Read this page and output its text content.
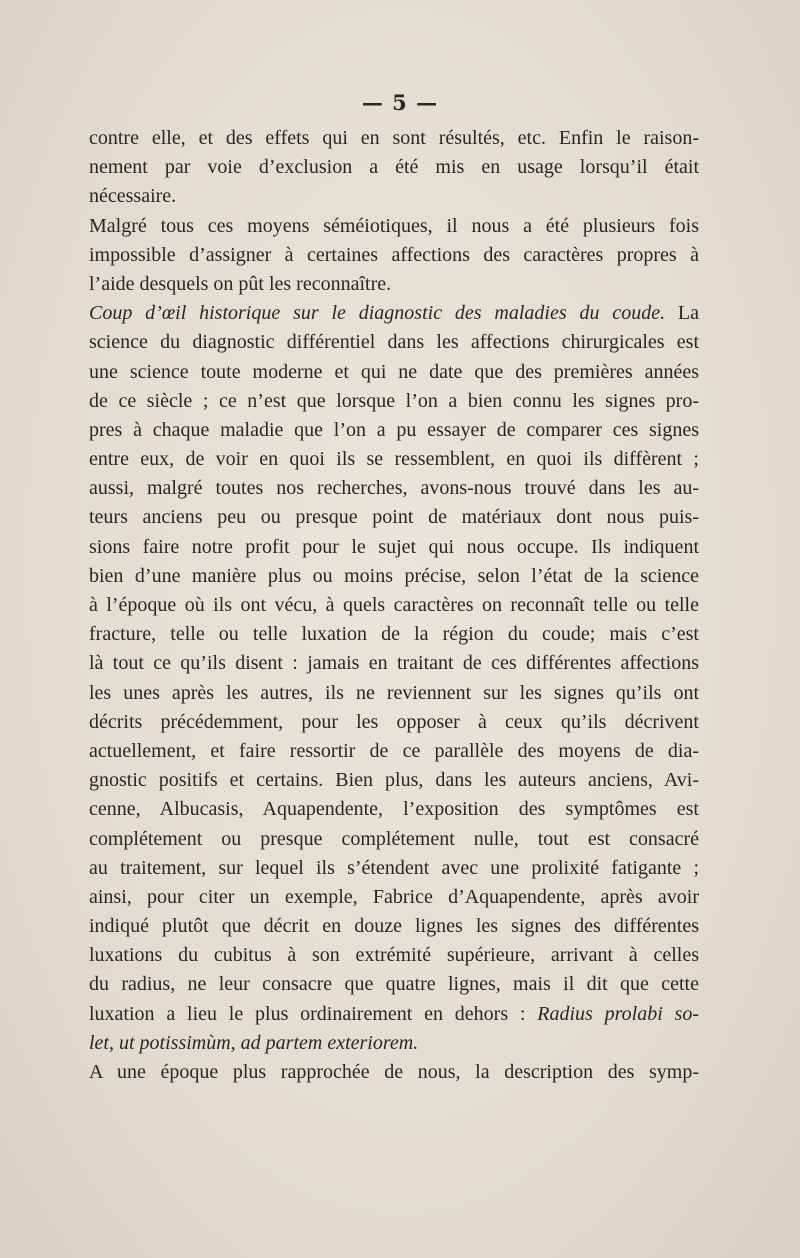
— 5 —
contre elle, et des effets qui en sont résultés, etc. Enfin le raison-
nement par voie d’exclusion a été mis en usage lorsqu’il était
nécessaire.
Malgré tous ces moyens séméiotiques, il nous a été plusieurs fois
impossible d’assigner à certaines affections des caractères propres à
l’aide desquels on pût les reconnaître.
Coup d’œil historique sur le diagnostic des maladies du coude. La
science du diagnostic différentiel dans les affections chirurgicales est
une science toute moderne et qui ne date que des premières années
de ce siècle ; ce n’est que lorsque l’on a bien connu les signes pro-
pres à chaque maladie que l’on a pu essayer de comparer ces signes
entre eux, de voir en quoi ils se ressemblent, en quoi ils diffèrent ;
aussi, malgré toutes nos recherches, avons-nous trouvé dans les au-
teurs anciens peu ou presque point de matériaux dont nous puis-
sions faire notre profit pour le sujet qui nous occupe. Ils indiquent
bien d’une manière plus ou moins précise, selon l’état de la science
à l’époque où ils ont vécu, à quels caractères on reconnaît telle ou telle
fracture, telle ou telle luxation de la région du coude; mais c’est
là tout ce qu’ils disent : jamais en traitant de ces différentes affections
les unes après les autres, ils ne reviennent sur les signes qu’ils ont
décrits précédemment, pour les opposer à ceux qu’ils décrivent
actuellement, et faire ressortir de ce parallèle des moyens de dia-
gnostic positifs et certains. Bien plus, dans les auteurs anciens, Avi-
cenne, Albucasis, Aquapendente, l’exposition des symptômes est
complétement ou presque complétement nulle, tout est consacré
au traitement, sur lequel ils s’étendent avec une prolixité fatigante ;
ainsi, pour citer un exemple, Fabrice d’Aquapendente, après avoir
indiqué plutôt que décrit en douze lignes les signes des différentes
luxations du cubitus à son extrémité supérieure, arrivant à celles
du radius, ne leur consacre que quatre lignes, mais il dit que cette
luxation a lieu le plus ordinairement en dehors : Radius prolabi so-
let, ut potissimùm, ad partem exteriorem.
A une époque plus rapprochée de nous, la description des symp-
